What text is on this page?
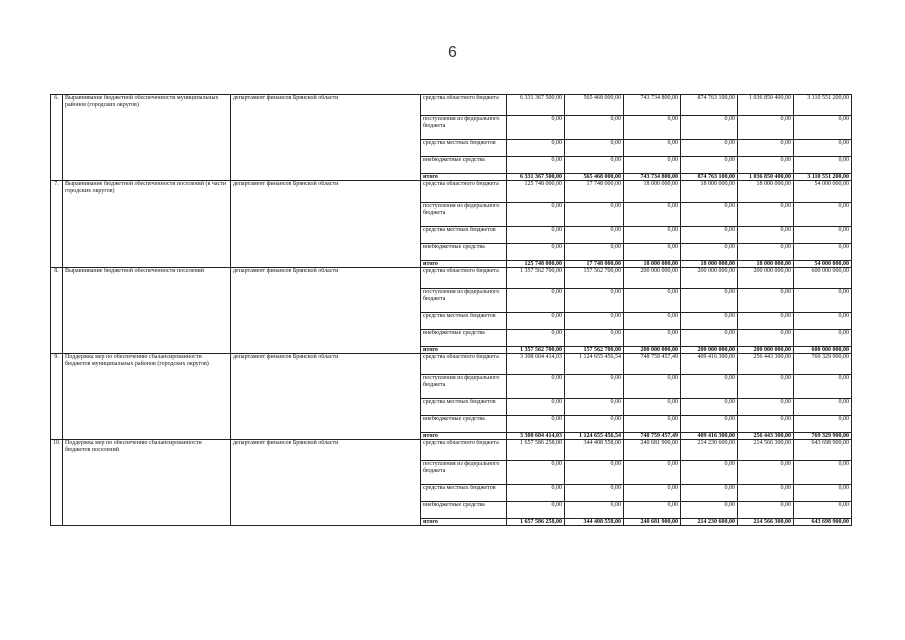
6
6.	Выравнивание бюджетной обеспеченности муниципальных районов (городских округов)	департамент финансов Брянской области	средства областного бюджета	6 331 367 500,00	565 468 000,00	743 734 800,00	874 763 100,00	1 036 850 400,00	3 110 551 200,00
			поступления из федерального бюджета	0,00	0,00	0,00	0,00	0,00	0,00
			средства местных бюджетов	0,00	0,00	0,00	0,00	0,00	0,00
			внебюджетные средства	0,00	0,00	0,00	0,00	0,00	0,00
			итого	6 331 367 500,00	565 468 000,00	743 734 800,00	874 763 100,00	1 036 850 400,00	3 110 551 200,00
7.	Выравнивание бюджетной обеспеченности поселений (в части городских округов)	департамент финансов Брянской области	средства областного бюджета	125 748 000,00	17 748 000,00	18 000 000,00	18 000 000,00	18 000 000,00	54 000 000,00
			поступления из федерального бюджета	0,00	0,00	0,00	0,00	0,00	0,00
			средства местных бюджетов	0,00	0,00	0,00	0,00	0,00	0,00
			внебюджетные средства	0,00	0,00	0,00	0,00	0,00	0,00
			итого	125 748 000,00	17 748 000,00	18 000 000,00	18 000 000,00	18 000 000,00	54 000 000,00
8.	Выравнивание бюджетной обеспеченности поселений	департамент финансов Брянской области	средства областного бюджета	1 357 562 700,00	157 562 700,00	200 000 000,00	200 000 000,00	200 000 000,00	600 000 000,00
			поступления из федерального бюджета	0,00	0,00	0,00	0,00	0,00	0,00
			средства местных бюджетов	0,00	0,00	0,00	0,00	0,00	0,00
			внебюджетные средства	0,00	0,00	0,00	0,00	0,00	0,00
			итого	1 357 562 700,00	157 562 700,00	200 000 000,00	200 000 000,00	200 000 000,00	600 000 000,00
9.	Поддержка мер по обеспечению сбалансированности бюджетов муниципальных районов (городских округов)	департамент финансов Брянской области	средства областного бюджета	3 308 604 414,03	1 124 655 456,54	748 759 457,49	409 416 300,00	256 443 300,00	769 329 900,00
			поступления из федерального бюджета	0,00	0,00	0,00	0,00	0,00	0,00
			средства местных бюджетов	0,00	0,00	0,00	0,00	0,00	0,00
			внебюджетные средства	0,00	0,00	0,00	0,00	0,00	0,00
			итого	3 308 604 414,03	1 124 655 456,54	748 759 457,49	409 416 300,00	256 443 300,00	769 329 900,00
10.	Поддержка мер по обеспечению сбалансированности бюджетов поселений	департамент финансов Брянской области	средства областного бюджета	1 657 586 258,00	344 408 558,00	240 681 900,00	214 230 600,00	214 566 300,00	643 698 900,00
			поступления из федерального бюджета	0,00	0,00	0,00	0,00	0,00	0,00
			средства местных бюджетов	0,00	0,00	0,00	0,00	0,00	0,00
			внебюджетные средства	0,00	0,00	0,00	0,00	0,00	0,00
			итого	1 657 586 258,00	344 408 558,00	240 681 900,00	214 230 600,00	214 566 300,00	643 698 900,00
